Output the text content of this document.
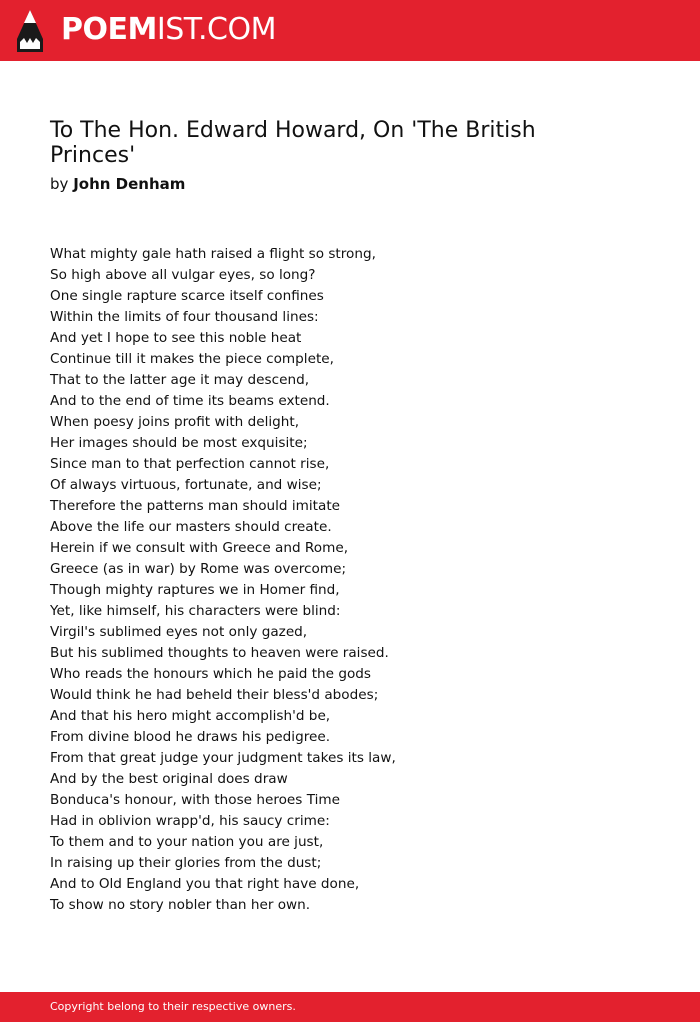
POEMIST.COM
To The Hon. Edward Howard, On 'The British Princes'
by John Denham
What mighty gale hath raised a flight so strong,
So high above all vulgar eyes, so long?
One single rapture scarce itself confines
Within the limits of four thousand lines:
And yet I hope to see this noble heat
Continue till it makes the piece complete,
That to the latter age it may descend,
And to the end of time its beams extend.
When poesy joins profit with delight,
Her images should be most exquisite;
Since man to that perfection cannot rise,
Of always virtuous, fortunate, and wise;
Therefore the patterns man should imitate
Above the life our masters should create.
Herein if we consult with Greece and Rome,
Greece (as in war) by Rome was overcome;
Though mighty raptures we in Homer find,
Yet, like himself, his characters were blind:
Virgil's sublimed eyes not only gazed,
But his sublimed thoughts to heaven were raised.
Who reads the honours which he paid the gods
Would think he had beheld their bless'd abodes;
And that his hero might accomplish'd be,
From divine blood he draws his pedigree.
From that great judge your judgment takes its law,
And by the best original does draw
Bonduca's honour, with those heroes Time
Had in oblivion wrapp'd, his saucy crime:
To them and to your nation you are just,
In raising up their glories from the dust;
And to Old England you that right have done,
To show no story nobler than her own.
Copyright belong to their respective owners.
